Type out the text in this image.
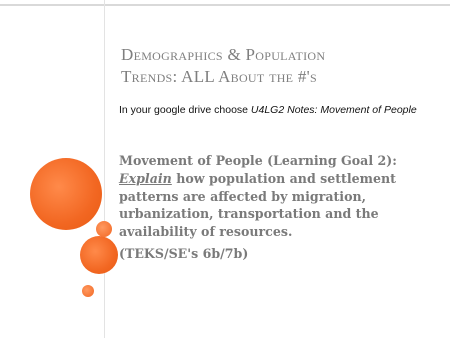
Demographics & Population
Trends: ALL About the #'s
In your google drive choose U4LG2 Notes: Movement of People
Movement of People (Learning Goal 2): Explain how population and settlement patterns are affected by migration, urbanization, transportation and the availability of resources.
(TEKS/SE's 6b/7b)
